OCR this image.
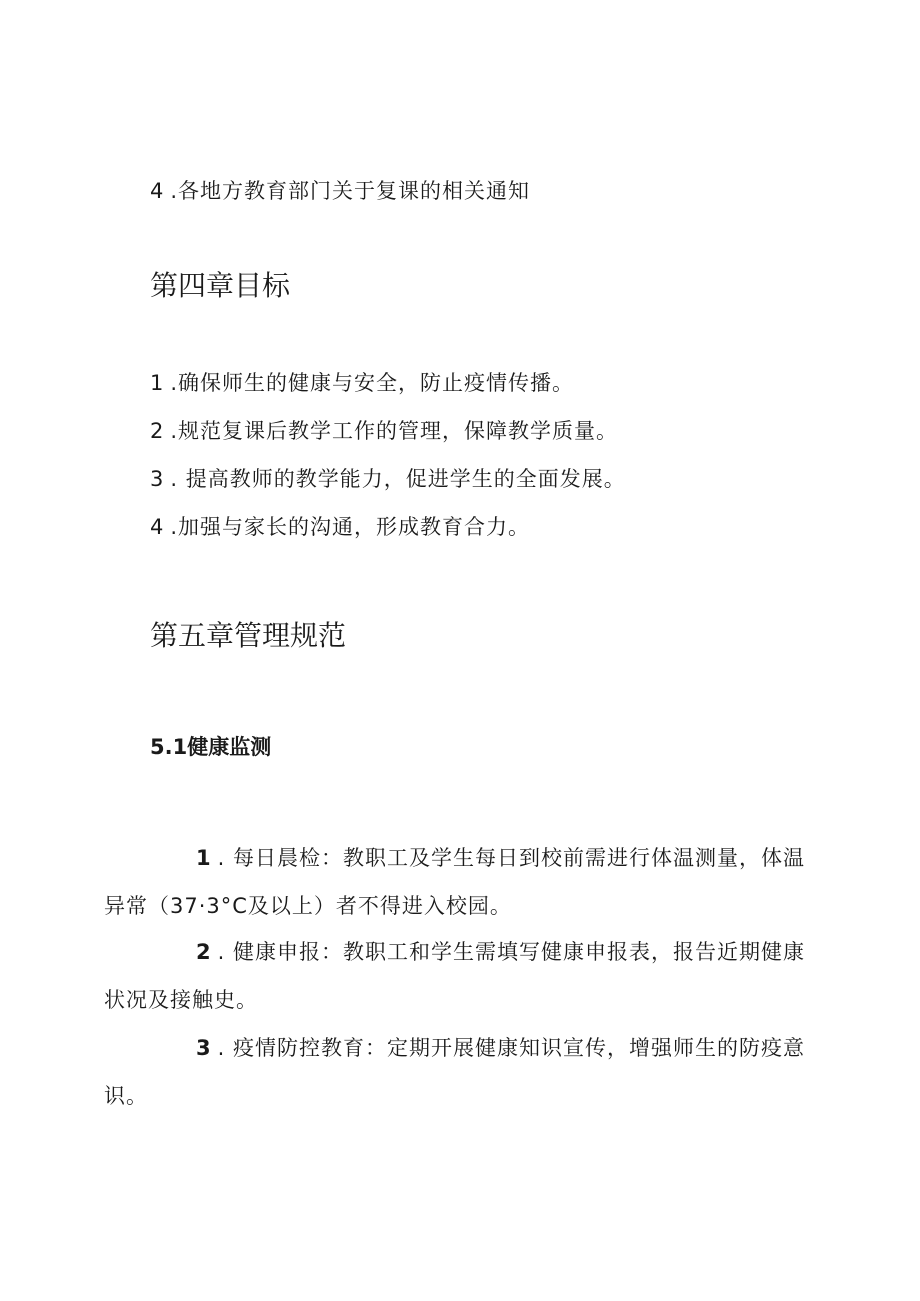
4 .各地方教育部门关于复课的相关通知
第四章目标
1 .确保师生的健康与安全，防止疫情传播。
2 .规范复课后教学工作的管理，保障教学质量。
3 . 提高教师的教学能力，促进学生的全面发展。
4 .加强与家长的沟通，形成教育合力。
第五章管理规范
5.1健康监测

1 . 每日晨检：教职工及学生每日到校前需进行体温测量，体温异常（37·3°C及以上）者不得进入校园。

2 . 健康申报：教职工和学生需填写健康申报表，报告近期健康状况及接触史。

3 . 疫情防控教育：定期开展健康知识宣传，增强师生的防疫意识。
